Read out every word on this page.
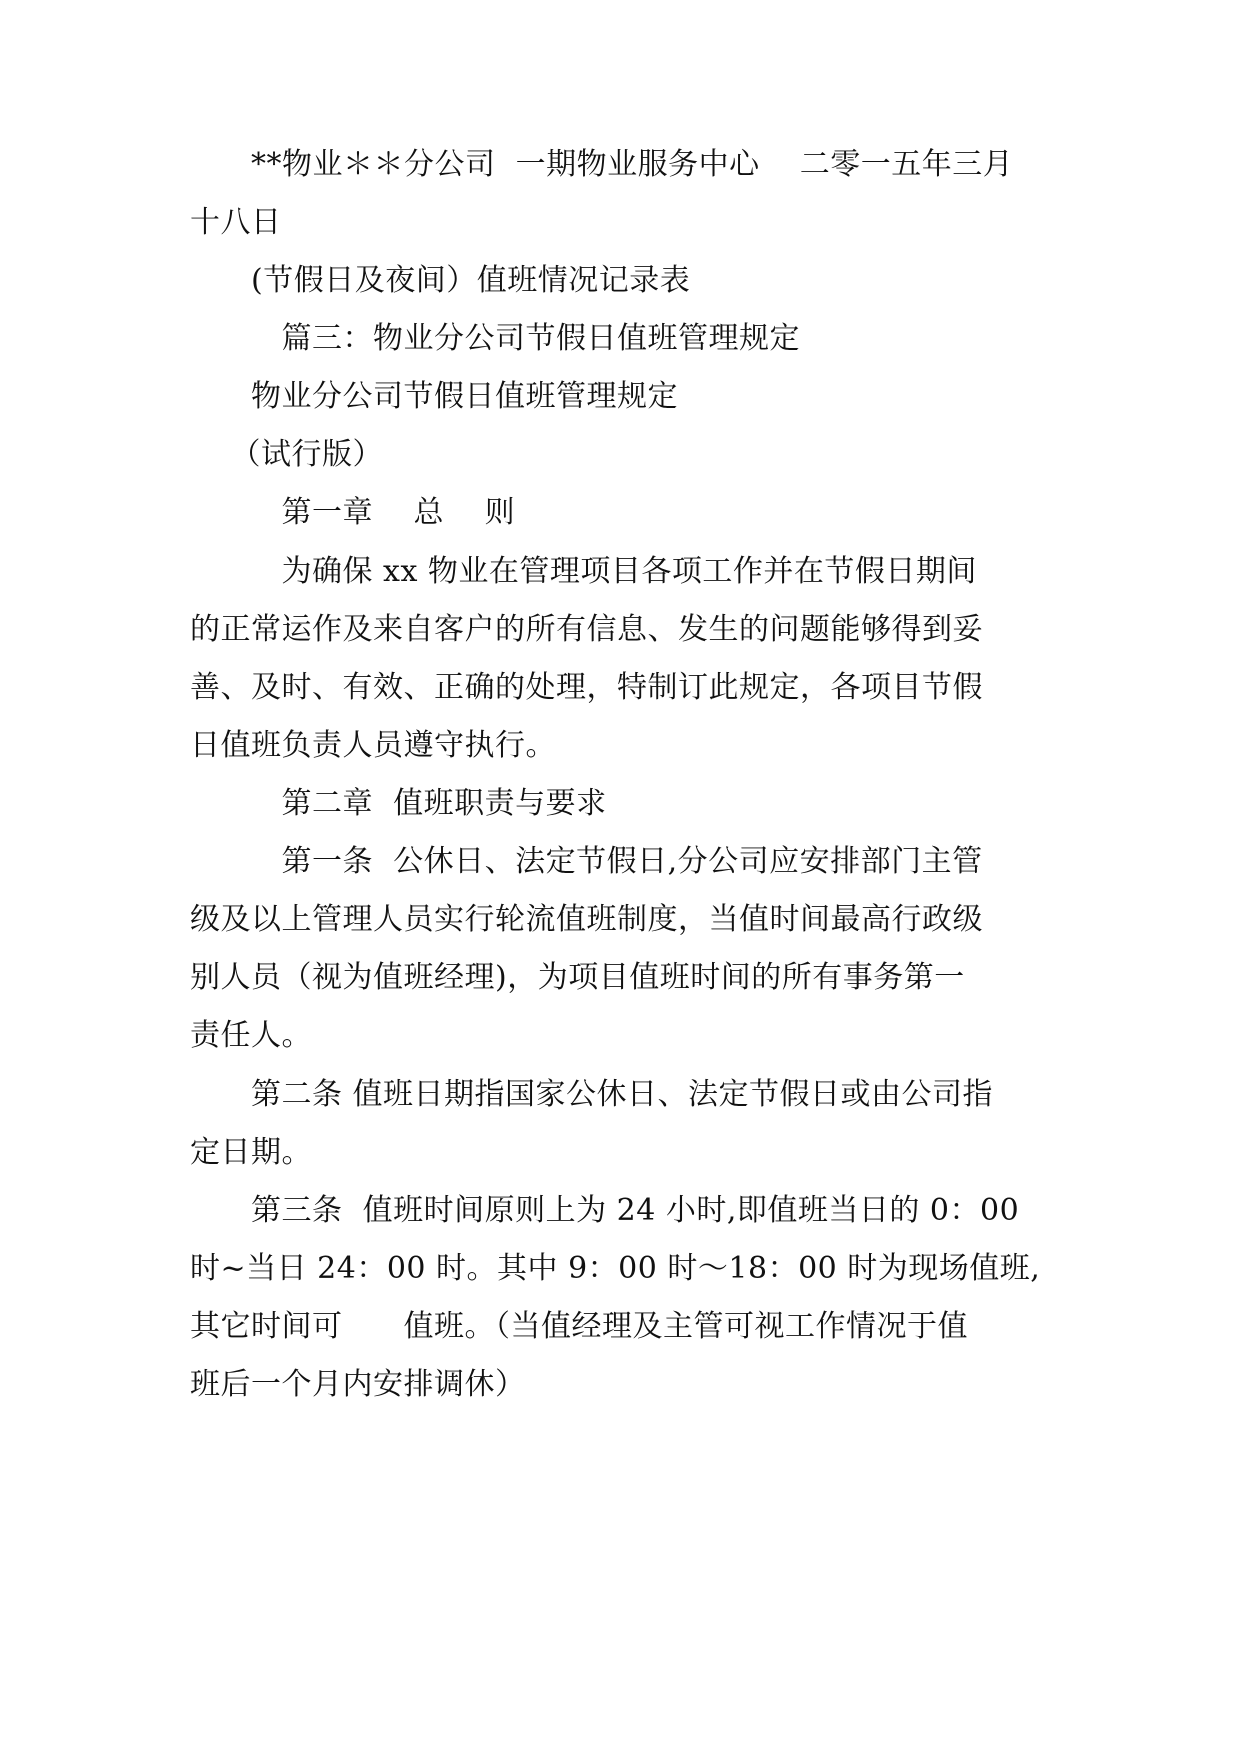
　　**物业＊＊分公司  一期物业服务中心    二零一五年三月

十八日

　　(节假日及夜间）值班情况记录表

　　　篇三：物业分公司节假日值班管理规定

　　物业分公司节假日值班管理规定

　 （试行版）

　　　第一章　 总　 则

　　　为确保 xx 物业在管理项目各项工作并在节假日期间

的正常运作及来自客户的所有信息、发生的问题能够得到妥

善、及时、有效、正确的处理，特制订此规定，各项目节假

日值班负责人员遵守执行。

　　　第二章  值班职责与要求

　　　第一条  公休日、法定节假日,分公司应安排部门主管

级及以上管理人员实行轮流值班制度，当值时间最高行政级

别人员（视为值班经理)，为项目值班时间的所有事务第一

责任人。

　　第二条 值班日期指国家公休日、法定节假日或由公司指

定日期。

　　第三条  值班时间原则上为 24 小时,即值班当日的 0：00

时~当日 24：00 时。其中 9：00 时～18：00 时为现场值班,

其它时间可　　值班。（当值经理及主管可视工作情况于值

班后一个月内安排调休）
